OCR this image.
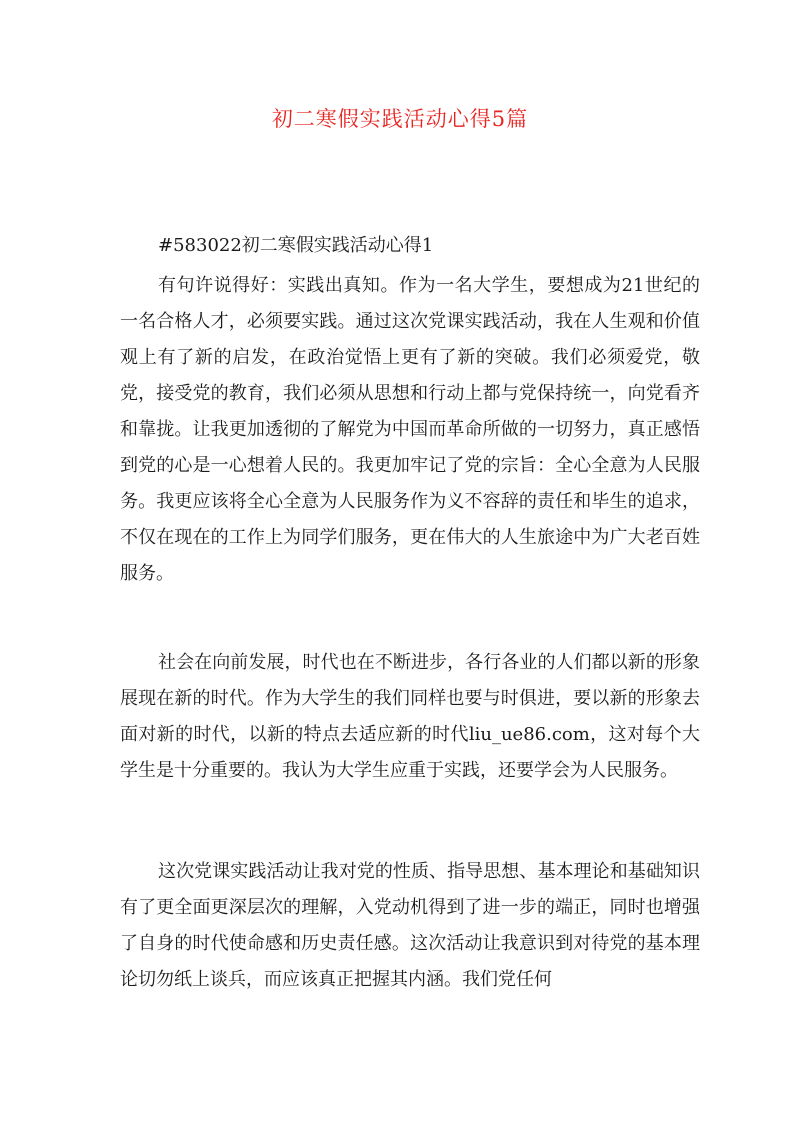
初二寒假实践活动心得5篇
#583022初二寒假实践活动心得1

有句许说得好：实践出真知。作为一名大学生，要想成为21世纪的一名合格人才，必须要实践。通过这次党课实践活动，我在人生观和价值观上有了新的启发，在政治觉悟上更有了新的突破。我们必须爱党，敬党，接受党的教育，我们必须从思想和行动上都与党保持统一，向党看齐和靠拢。让我更加透彻的了解党为中国而革命所做的一切努力，真正感悟到党的心是一心想着人民的。我更加牢记了党的宗旨：全心全意为人民服务。我更应该将全心全意为人民服务作为义不容辞的责任和毕生的追求，不仅在现在的工作上为同学们服务，更在伟大的人生旅途中为广大老百姓服务。

社会在向前发展，时代也在不断进步，各行各业的人们都以新的形象展现在新的时代。作为大学生的我们同样也要与时俱进，要以新的形象去面对新的时代，以新的特点去适应新的时代liu_ue86.com，这对每个大学生是十分重要的。我认为大学生应重于实践，还要学会为人民服务。

这次党课实践活动让我对党的性质、指导思想、基本理论和基础知识有了更全面更深层次的理解，入党动机得到了进一步的端正，同时也增强了自身的时代使命感和历史责任感。这次活动让我意识到对待党的基本理论切勿纸上谈兵，而应该真正把握其内涵。我们党任何
